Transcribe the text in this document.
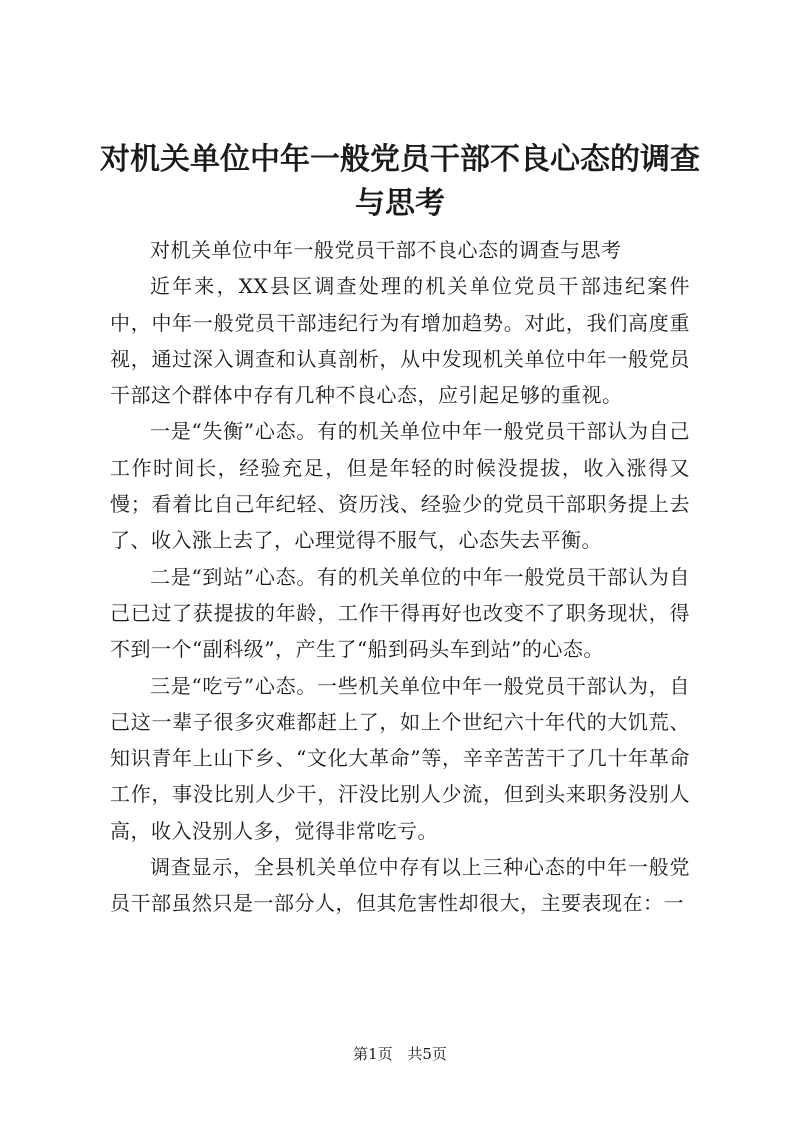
对机关单位中年一般党员干部不良心态的调查与思考

对机关单位中年一般党员干部不良心态的调查与思考

近年来，XX县区调查处理的机关单位党员干部违纪案件中，中年一般党员干部违纪行为有增加趋势。对此，我们高度重视，通过深入调查和认真剖析，从中发现机关单位中年一般党员干部这个群体中存有几种不良心态，应引起足够的重视。

一是“失衡”心态。有的机关单位中年一般党员干部认为自己工作时间长，经验充足，但是年轻的时候没提拔，收入涨得又慢；看着比自己年纪轻、资历浅、经验少的党员干部职务提上去了、收入涨上去了，心理觉得不服气，心态失去平衡。

二是“到站”心态。有的机关单位的中年一般党员干部认为自己已过了获提拔的年龄，工作干得再好也改变不了职务现状，得不到一个“副科级”，产生了“船到码头车到站”的心态。

三是“吃亏”心态。一些机关单位中年一般党员干部认为，自己这一辈子很多灾难都赶上了，如上个世纪六十年代的大饥荒、知识青年上山下乡、“文化大革命”等，辛辛苦苦干了几十年革命工作，事没比别人少干，汗没比别人少流，但到头来职务没别人高，收入没别人多，觉得非常吃亏。

调查显示，全县机关单位中存有以上三种心态的中年一般党员干部虽然只是一部分人，但其危害性却很大，主要表现在：一

第1页 共5页
